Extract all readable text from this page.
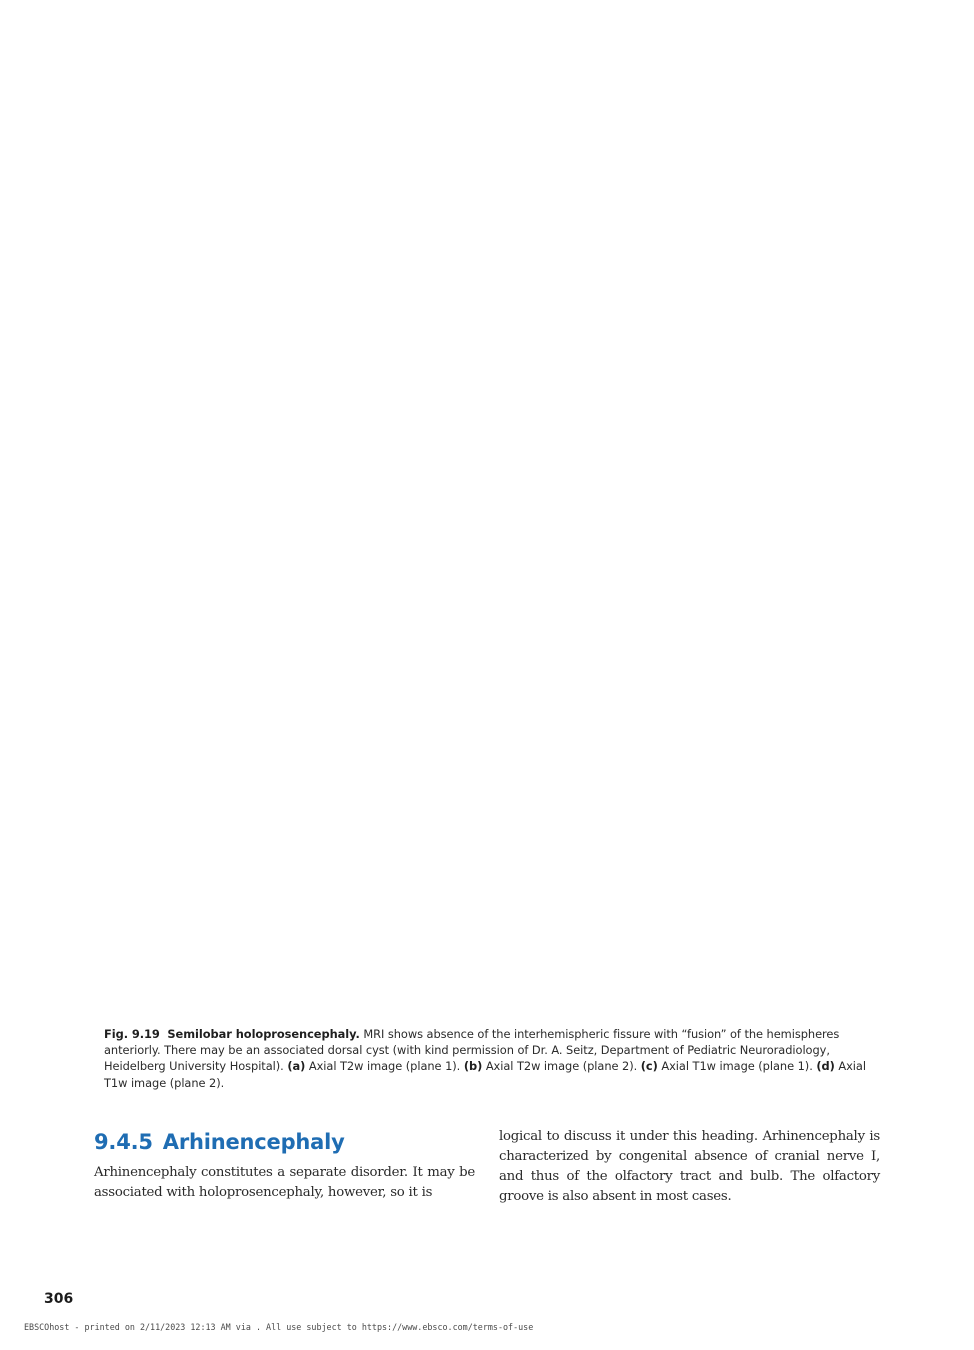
Fig. 9.19 Semilobar holoprosencephaly. MRI shows absence of the interhemispheric fissure with “fusion” of the hemispheres anteriorly. There may be an associated dorsal cyst (with kind permission of Dr. A. Seitz, Department of Pediatric Neuroradiology, Heidelberg University Hospital). (a) Axial T2w image (plane 1). (b) Axial T2w image (plane 2). (c) Axial T1w image (plane 1). (d) Axial T1w image (plane 2).
9.4.5 Arhinencephaly

Arhinencephaly constitutes a separate disorder. It may be associated with holoprosencephaly, however, so it is

logical to discuss it under this heading. Arhinencephaly is characterized by congenital absence of cranial nerve I, and thus of the olfactory tract and bulb. The olfactory groove is also absent in most cases.

306
EBSCOhost - printed on 2/11/2023 12:13 AM via . All use subject to https://www.ebsco.com/terms-of-use
